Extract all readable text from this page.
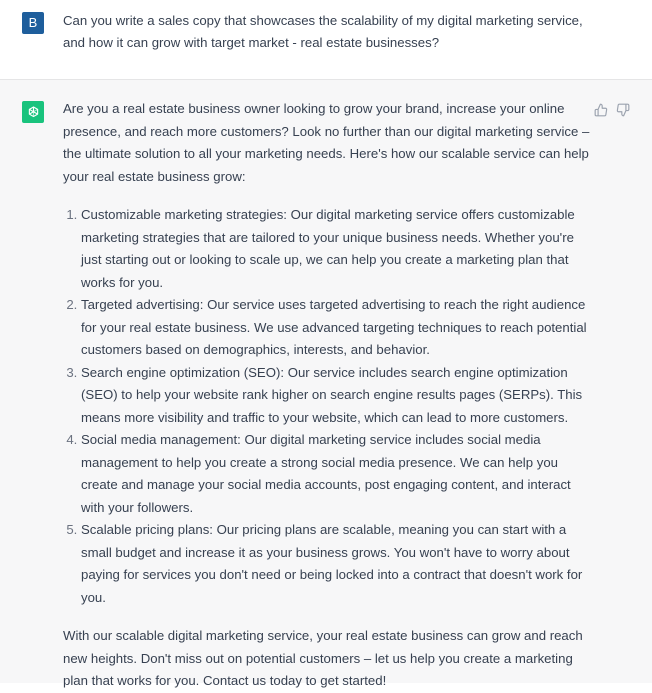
B	Can you write a sales copy that showcases the scalability of my digital marketing service, and how it can grow with target market - real estate businesses?

Are you a real estate business owner looking to grow your brand, increase your online presence, and reach more customers? Look no further than our digital marketing service – the ultimate solution to all your marketing needs. Here's how our scalable service can help your real estate business grow:

1. Customizable marketing strategies: Our digital marketing service offers customizable marketing strategies that are tailored to your unique business needs. Whether you're just starting out or looking to scale up, we can help you create a marketing plan that works for you.
2. Targeted advertising: Our service uses targeted advertising to reach the right audience for your real estate business. We use advanced targeting techniques to reach potential customers based on demographics, interests, and behavior.
3. Search engine optimization (SEO): Our service includes search engine optimization (SEO) to help your website rank higher on search engine results pages (SERPs). This means more visibility and traffic to your website, which can lead to more customers.
4. Social media management: Our digital marketing service includes social media management to help you create a strong social media presence. We can help you create and manage your social media accounts, post engaging content, and interact with your followers.
5. Scalable pricing plans: Our pricing plans are scalable, meaning you can start with a small budget and increase it as your business grows. You won't have to worry about paying for services you don't need or being locked into a contract that doesn't work for you.

With our scalable digital marketing service, your real estate business can grow and reach new heights. Don't miss out on potential customers – let us help you create a marketing plan that works for you. Contact us today to get started!
